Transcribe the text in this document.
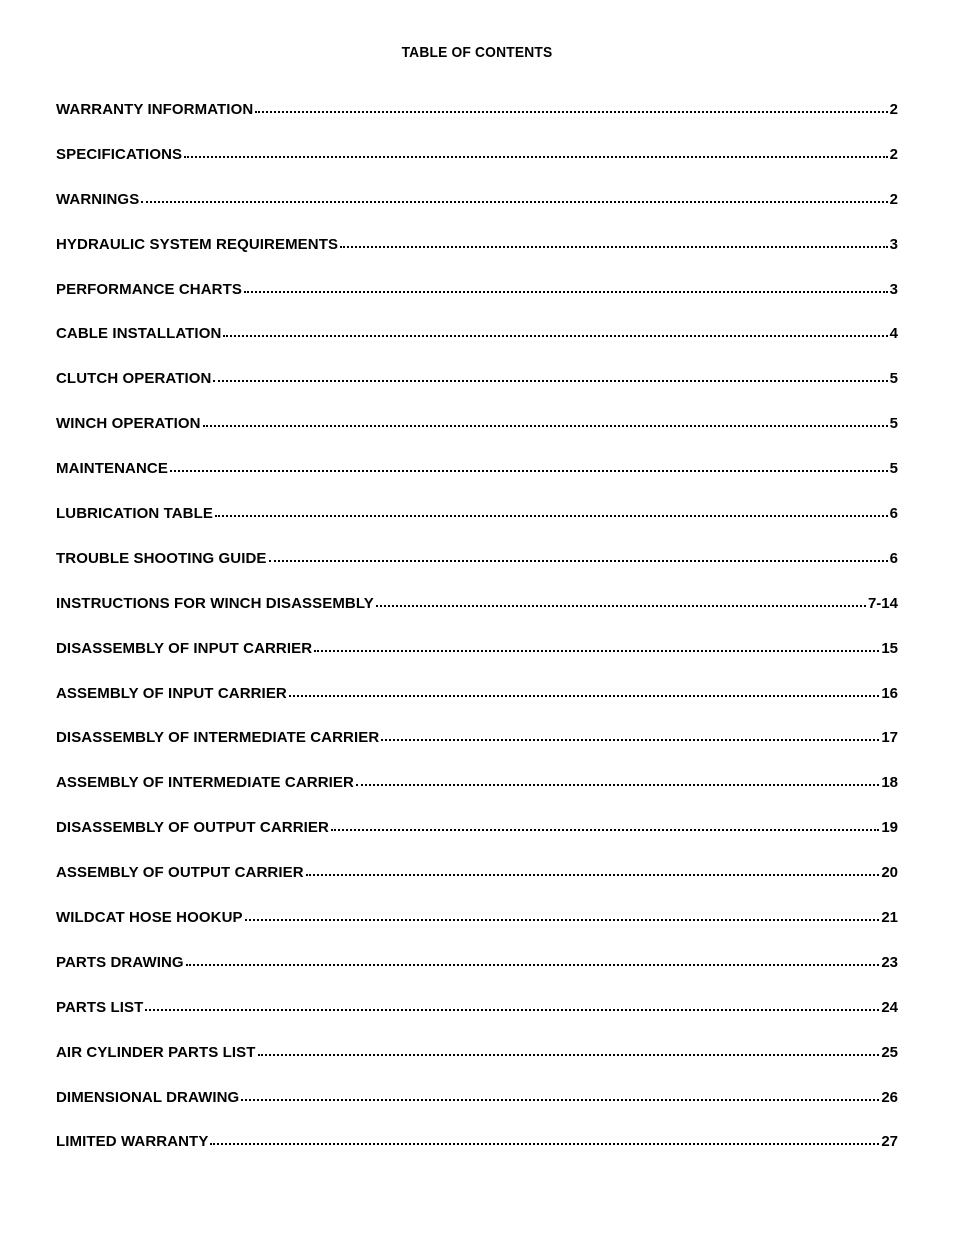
TABLE OF CONTENTS
WARRANTY INFORMATION	2
SPECIFICATIONS	2
WARNINGS	2
HYDRAULIC SYSTEM REQUIREMENTS	3
PERFORMANCE CHARTS	3
CABLE INSTALLATION	4
CLUTCH OPERATION	5
WINCH OPERATION	5
MAINTENANCE	5
LUBRICATION TABLE	6
TROUBLE SHOOTING GUIDE	6
INSTRUCTIONS FOR WINCH DISASSEMBLY	7-14
DISASSEMBLY OF INPUT CARRIER	15
ASSEMBLY OF INPUT CARRIER	16
DISASSEMBLY OF INTERMEDIATE CARRIER	17
ASSEMBLY OF INTERMEDIATE CARRIER	18
DISASSEMBLY OF OUTPUT CARRIER	19
ASSEMBLY OF OUTPUT CARRIER	20
WILDCAT HOSE HOOKUP	21
PARTS DRAWING	23
PARTS LIST	24
AIR CYLINDER PARTS LIST	25
DIMENSIONAL DRAWING	26
LIMITED WARRANTY	27
